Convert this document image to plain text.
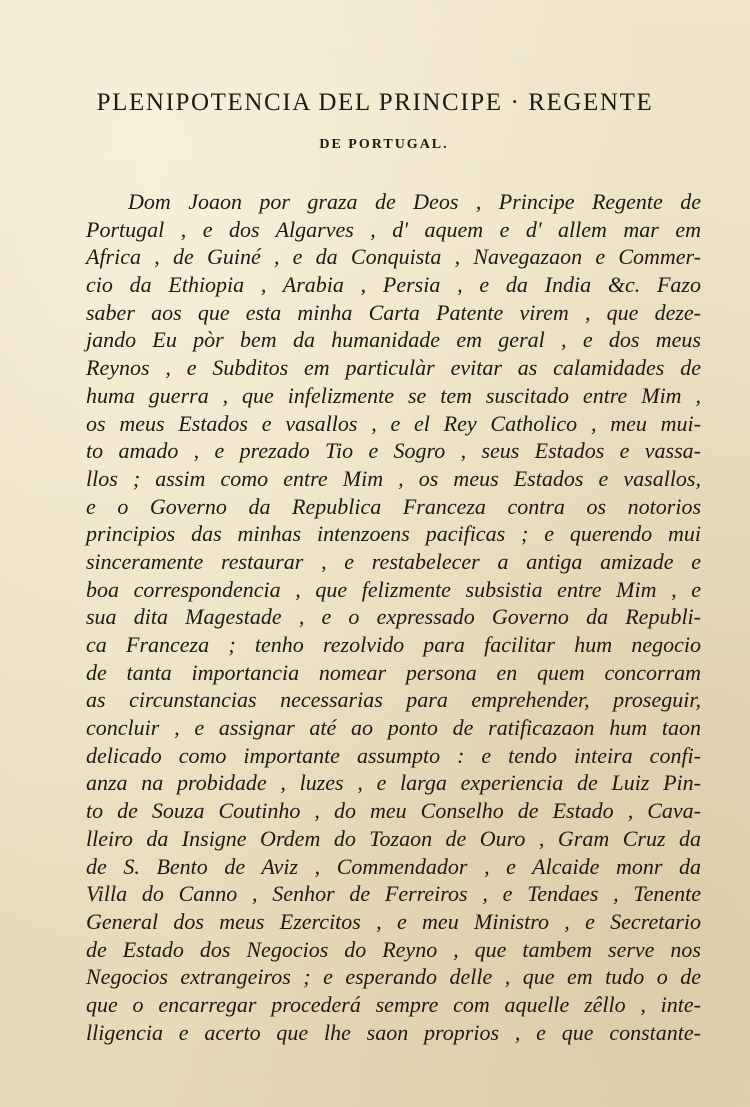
PLENIPOTENCIA DEL PRINCIPE · REGENTE
DE PORTUGAL.
Dom Joaon por graza de Deos , Principe Regente de
Portugal , e dos Algarves , d' aquem e d' allem mar em
Africa , de Guiné , e da Conquista , Navegazaon e Commer-
cio da Ethiopia , Arabia , Persia , e da India &c. Fazo
saber aos que esta minha Carta Patente virem , que deze-
jando Eu pòr bem da humanidade em geral , e dos meus
Reynos , e Subditos em particulàr evitar as calamidades de
huma guerra , que infelizmente se tem suscitado entre Mim ,
os meus Estados e vasallos , e el Rey Catholico , meu mui-
to amado , e prezado Tio e Sogro , seus Estados e vassa-
llos ; assim como entre Mim , os meus Estados e vasallos,
e o Governo da Republica Franceza contra os notorios
principios das minhas intenzoens pacificas ; e querendo mui
sinceramente restaurar , e restabelecer a antiga amizade e
boa correspondencia , que felizmente subsistia entre Mim , e
sua dita Magestade , e o expressado Governo da Republi-
ca Franceza ; tenho rezolvido para facilitar hum negocio
de tanta importancia nomear persona en quem concorram
as circunstancias necessarias para emprehender, proseguir,
concluir , e assignar até ao ponto de ratificazaon hum taon
delicado como importante assumpto : e tendo inteira confi-
anza na probidade , luzes , e larga experiencia de Luiz Pin-
to de Souza Coutinho , do meu Conselho de Estado , Cava-
lleiro da Insigne Ordem do Tozaon de Ouro , Gram Cruz da
de S. Bento de Aviz , Commendador , e Alcaide monr da
Villa do Canno , Senhor de Ferreiros , e Tendaes , Tenente
General dos meus Ezercitos , e meu Ministro , e Secretario
de Estado dos Negocios do Reyno , que tambem serve nos
Negocios extrangeiros ; e esperando delle , que em tudo o de
que o encarregar procederá sempre com aquelle zêllo , inte-
lligencia e acerto que lhe saon proprios , e que constante-
